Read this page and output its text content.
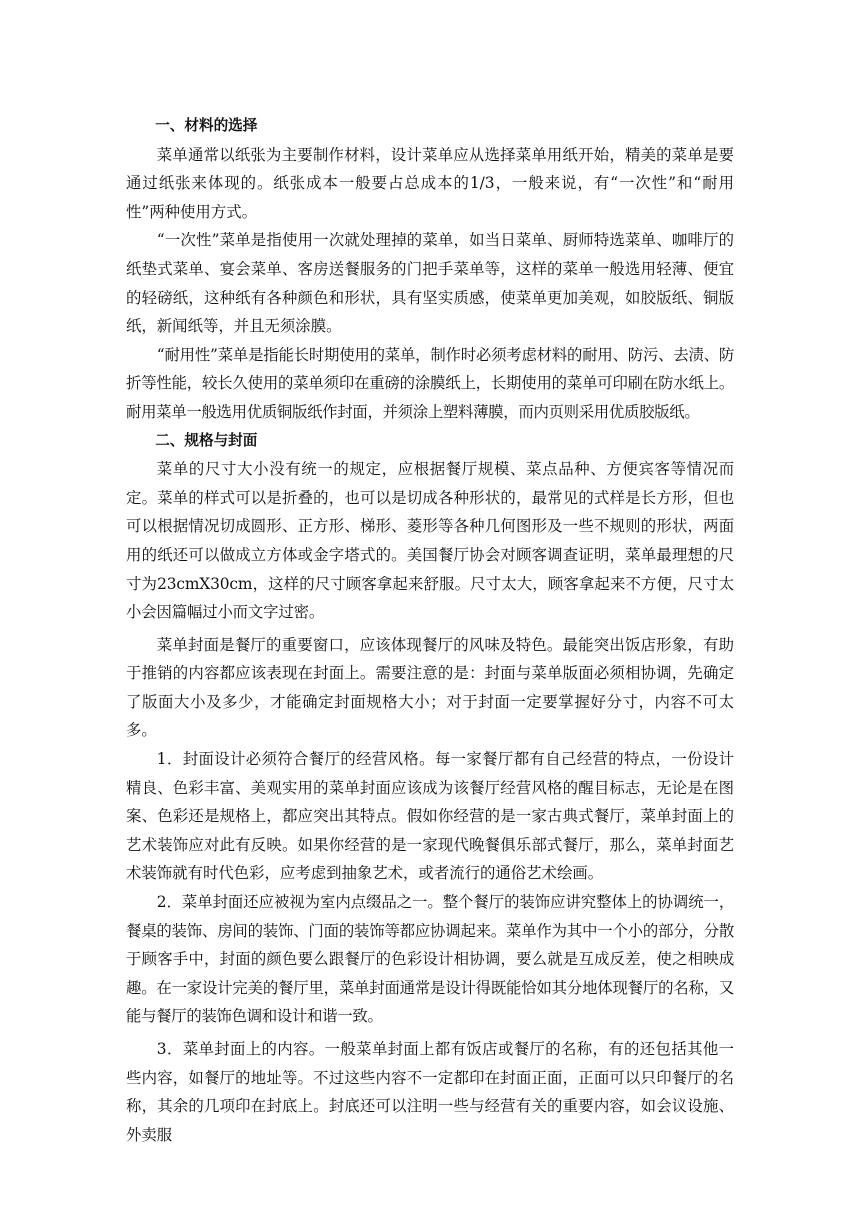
一、材料的选择

菜单通常以纸张为主要制作材料，设计菜单应从选择菜单用纸开始，精美的菜单是要通过纸张来体现的。纸张成本一般要占总成本的1/3，一般来说，有“一次性”和“耐用性”两种使用方式。

“一次性”菜单是指使用一次就处理掉的菜单，如当日菜单、厨师特选菜单、咖啡厅的纸垫式菜单、宴会菜单、客房送餐服务的门把手菜单等，这样的菜单一般选用轻薄、便宜的轻磅纸，这种纸有各种颜色和形状，具有坚实质感，使菜单更加美观，如胶版纸、铜版纸，新闻纸等，并且无须涂膜。

“耐用性”菜单是指能长时期使用的菜单，制作时必须考虑材料的耐用、防污、去渍、防折等性能，较长久使用的菜单须印在重磅的涂膜纸上，长期使用的菜单可印刷在防水纸上。耐用菜单一般选用优质铜版纸作封面，并须涂上塑料薄膜，而内页则采用优质胶版纸。

二、规格与封面

菜单的尺寸大小没有统一的规定，应根据餐厅规模、菜点品种、方便宾客等情况而定。菜单的样式可以是折叠的，也可以是切成各种形状的，最常见的式样是长方形，但也可以根据情况切成圆形、正方形、梯形、菱形等各种几何图形及一些不规则的形状，两面用的纸还可以做成立方体或金字塔式的。美国餐厅协会对顾客调查证明，菜单最理想的尺寸为23cmX30cm，这样的尺寸顾客拿起来舒服。尺寸太大，顾客拿起来不方便，尺寸太小会因篇幅过小而文字过密。

菜单封面是餐厅的重要窗口，应该体现餐厅的风味及特色。最能突出饭店形象，有助于推销的内容都应该表现在封面上。需要注意的是：封面与菜单版面必须相协调，先确定了版面大小及多少，才能确定封面规格大小；对于封面一定要掌握好分寸，内容不可太多。

1．封面设计必须符合餐厅的经营风格。每一家餐厅都有自己经营的特点，一份设计精良、色彩丰富、美观实用的菜单封面应该成为该餐厅经营风格的醒目标志，无论是在图案、色彩还是规格上，都应突出其特点。假如你经营的是一家古典式餐厅，菜单封面上的艺术装饰应对此有反映。如果你经营的是一家现代晚餐俱乐部式餐厅，那么，菜单封面艺术装饰就有时代色彩，应考虑到抽象艺术，或者流行的通俗艺术绘画。

2．菜单封面还应被视为室内点缀品之一。整个餐厅的装饰应讲究整体上的协调统一，餐桌的装饰、房间的装饰、门面的装饰等都应协调起来。菜单作为其中一个小的部分，分散于顾客手中，封面的颜色要么跟餐厅的色彩设计相协调，要么就是互成反差，使之相映成趣。在一家设计完美的餐厅里，菜单封面通常是设计得既能恰如其分地体现餐厅的名称，又能与餐厅的装饰色调和设计和谐一致。

3．菜单封面上的内容。一般菜单封面上都有饭店或餐厅的名称，有的还包括其他一些内容，如餐厅的地址等。不过这些内容不一定都印在封面正面，正面可以只印餐厅的名称，其余的几项印在封底上。封底还可以注明一些与经营有关的重要内容，如会议设施、外卖服
